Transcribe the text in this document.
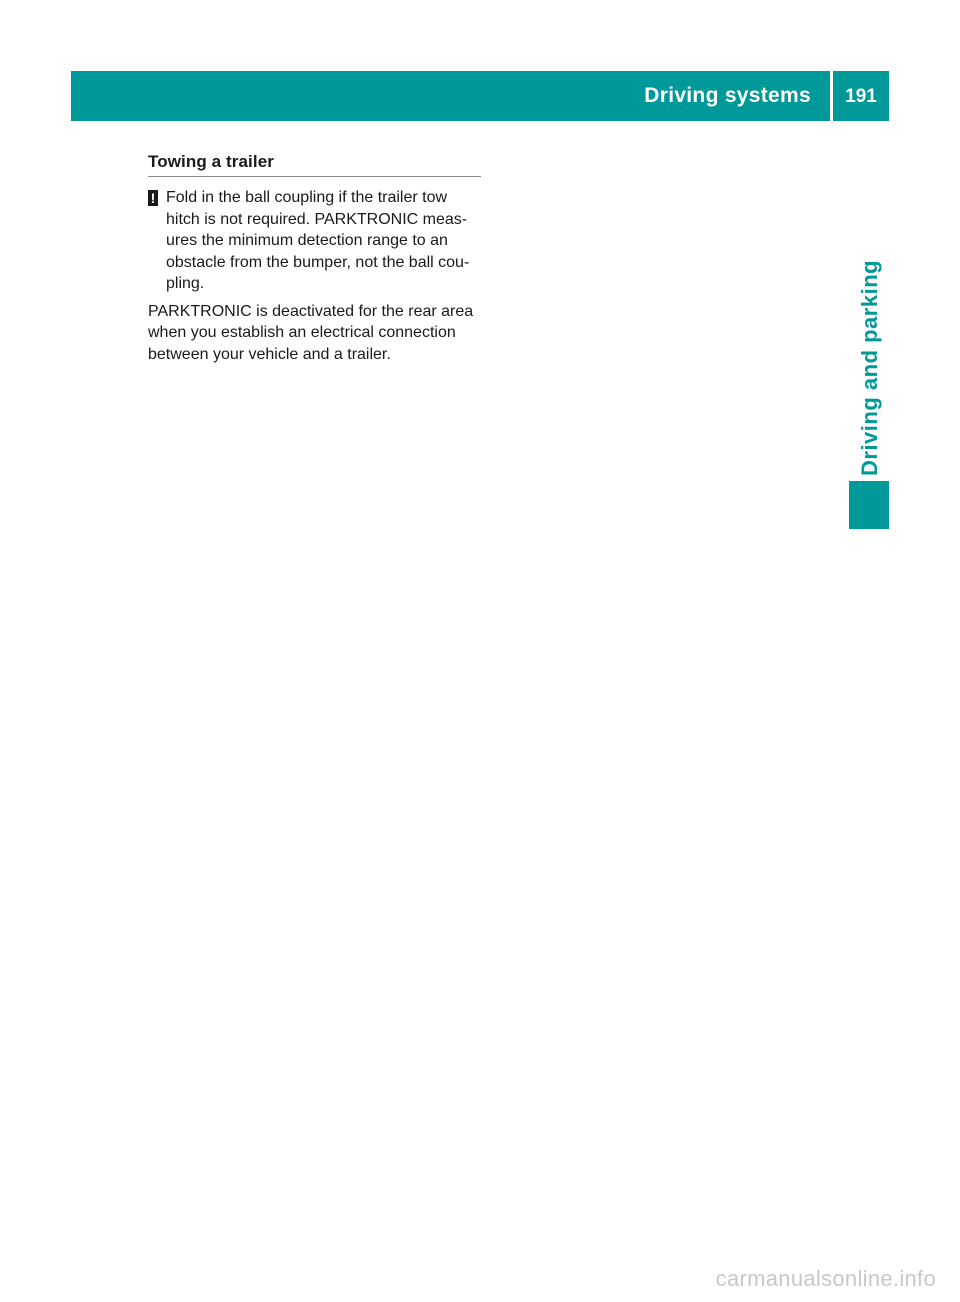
Driving systems	191
Driving and parking
Towing a trailer
! Fold in the ball coupling if the trailer tow hitch is not required. PARKTRONIC meas-ures the minimum detection range to an obstacle from the bumper, not the ball cou-pling.
PARKTRONIC is deactivated for the rear area when you establish an electrical connection between your vehicle and a trailer.
carmanualsonline.info
